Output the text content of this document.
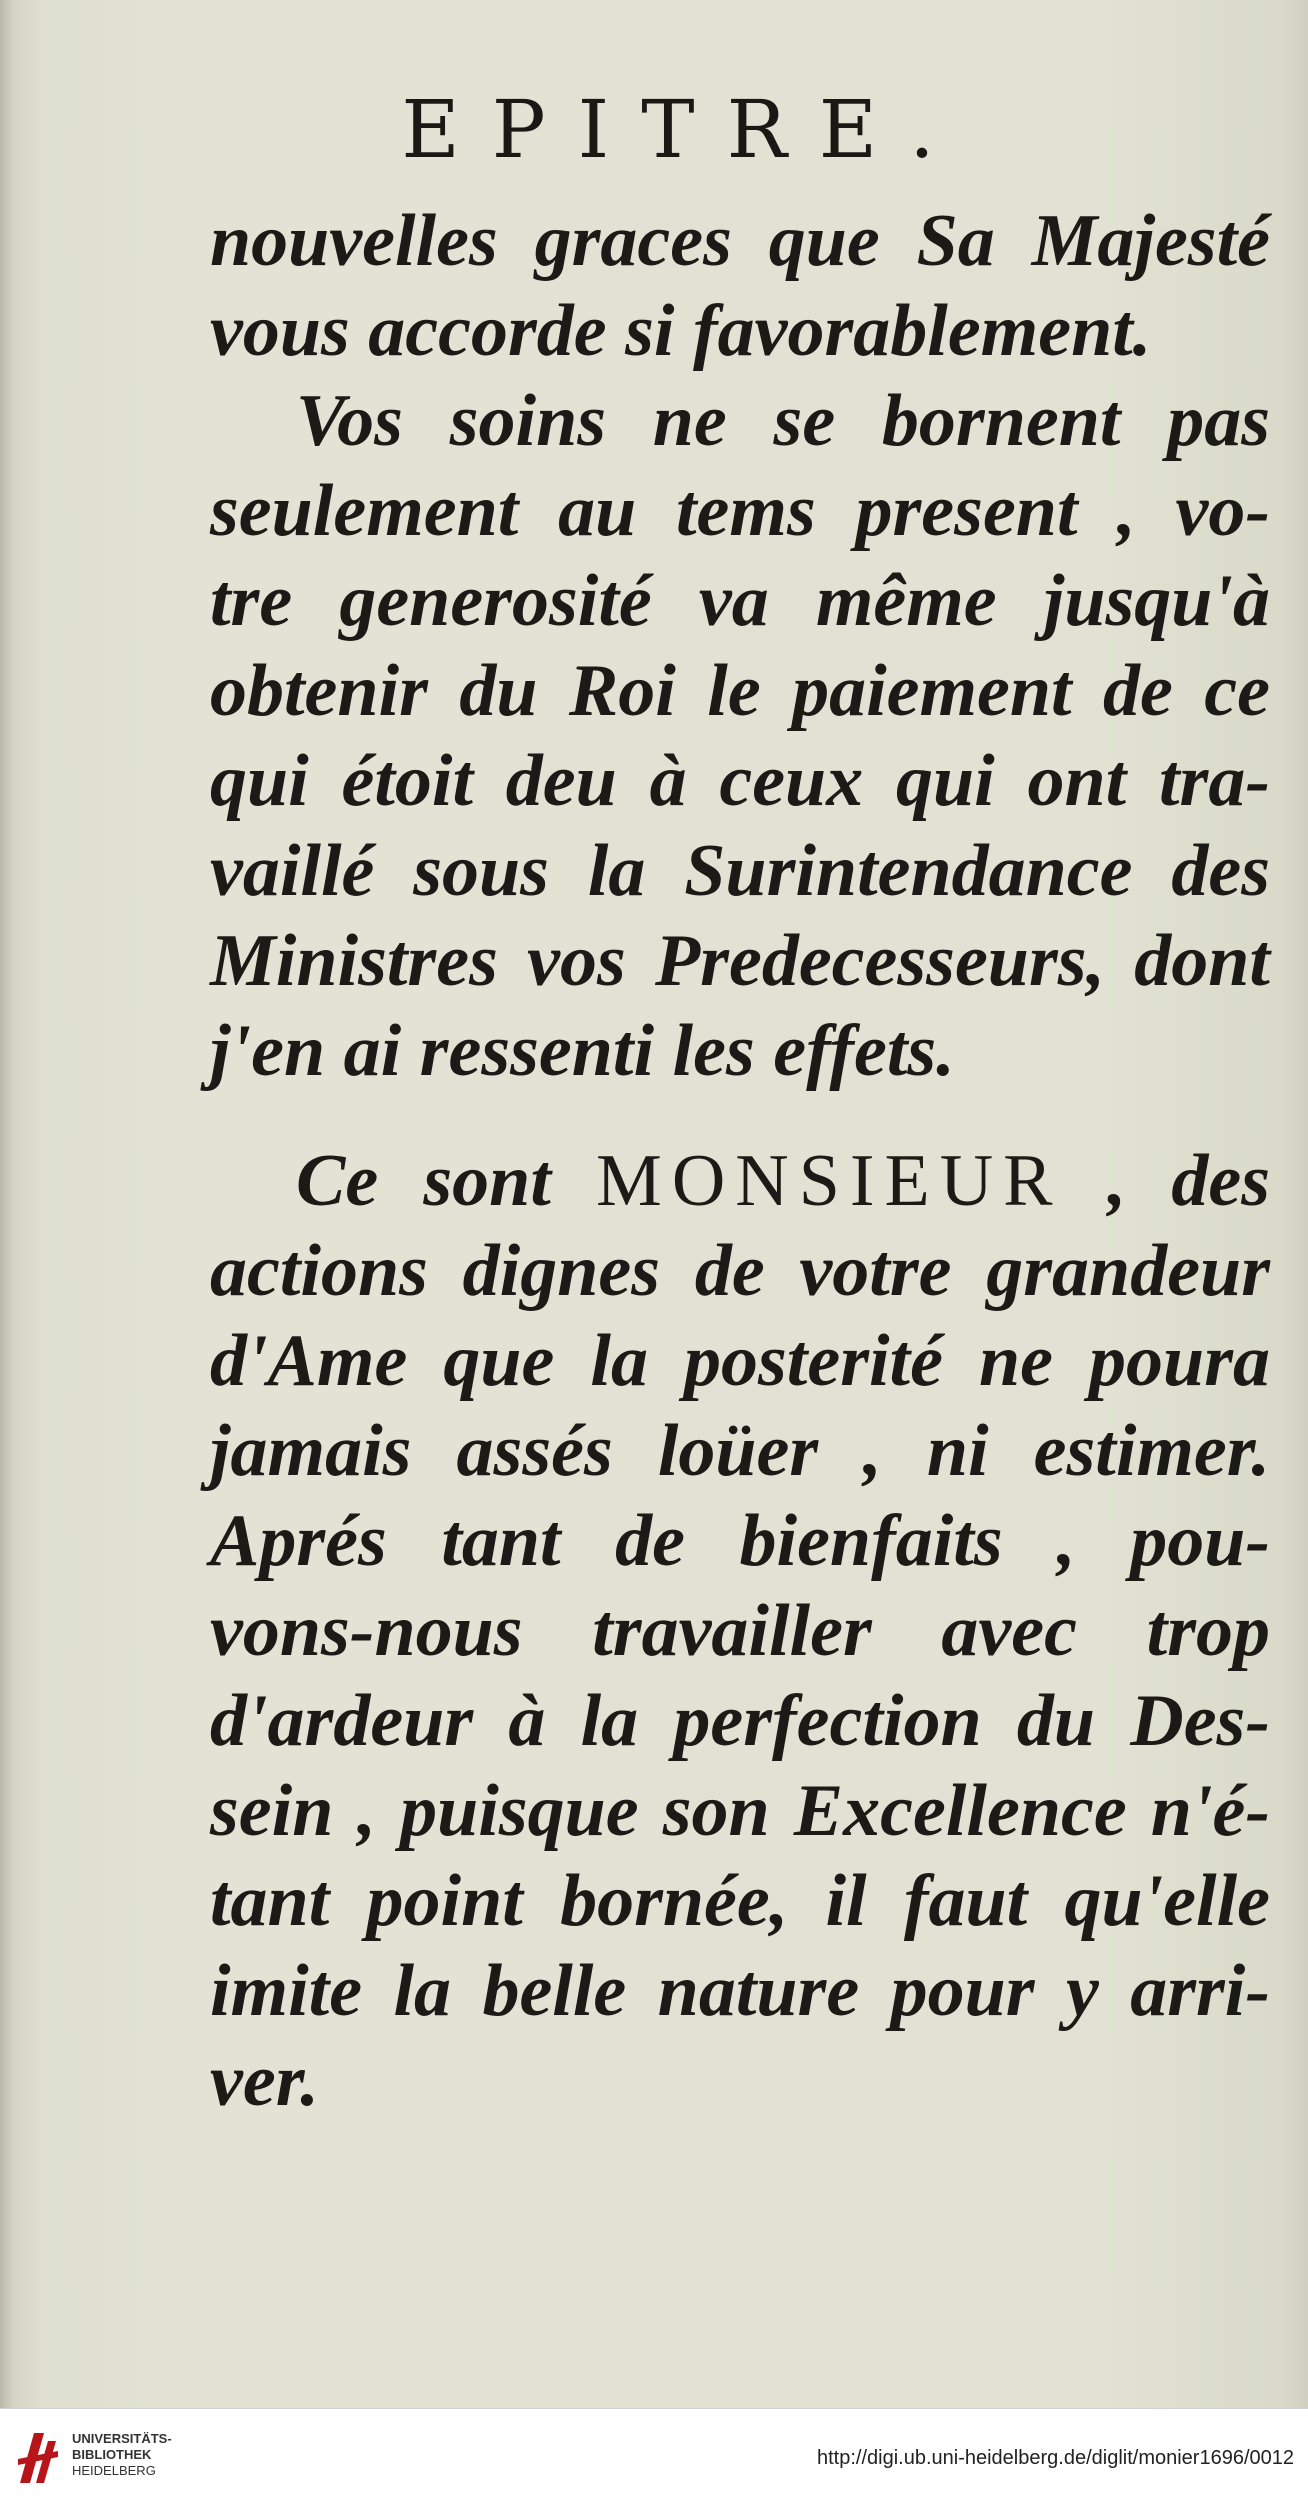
EPITRE.
nouvelles graces que Sa Majesté
vous accorde si favorablement.
Vos soins ne se bornent pas
seulement au tems present , vo-
tre generosité va même jusqu'à
obtenir du Roi le paiement de ce
qui étoit deu à ceux qui ont tra-
vaillé sous la Surintendance des
Ministres vos Predecesseurs, dont
j'en ai ressenti les effets.
Ce sont MONSIEUR , des
actions dignes de votre grandeur
d'Ame que la posterité ne poura
jamais assés loüer , ni estimer.
Aprés tant de bienfaits , pou-
vons-nous travailler avec trop
d'ardeur à la perfection du Des-
sein , puisque son Excellence n'é-
tant point bornée, il faut qu'elle
imite la belle nature pour y arri-
ver.
UNIVERSITÄTS-
BIBLIOTHEK
HEIDELBERG
http://digi.ub.uni-heidelberg.de/diglit/monier1696/0012
